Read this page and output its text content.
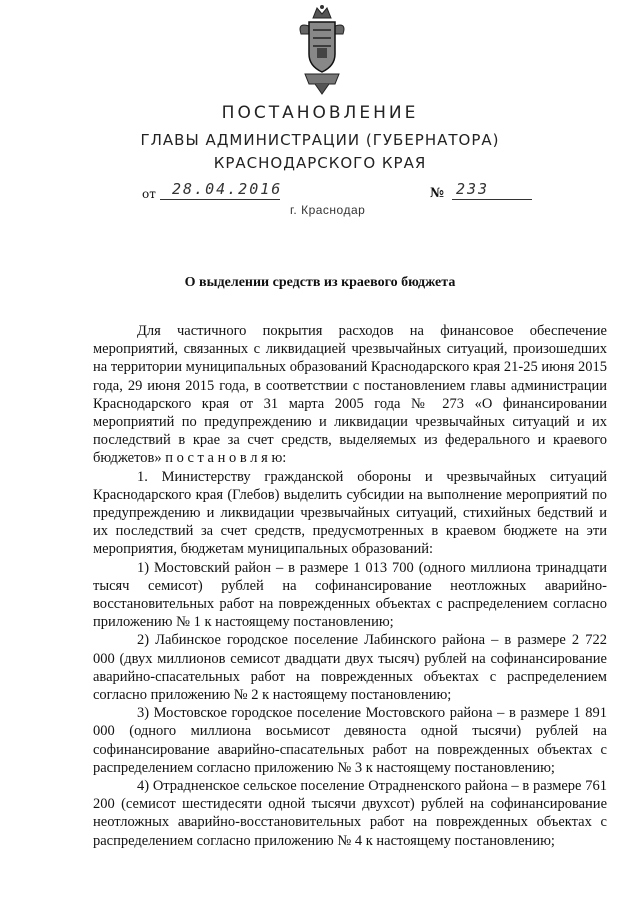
ПОСТАНОВЛЕНИЕ
ГЛАВЫ АДМИНИСТРАЦИИ (ГУБЕРНАТОРА)
КРАСНОДАРСКОГО КРАЯ
от 28.04.2016	№ 233
г. Краснодар
О выделении средств из краевого бюджета

Для частичного покрытия расходов на финансовое обеспечение мероприятий, связанных с ликвидацией чрезвычайных ситуаций, произошедших на территории муниципальных образований Краснодарского края 21-25 июня 2015 года, 29 июня 2015 года, в соответствии с постановлением главы администрации Краснодарского края от 31 марта 2005 года № 273 «О финансировании мероприятий по предупреждению и ликвидации чрезвычайных ситуаций и их последствий в крае за счет средств, выделяемых из федерального и краевого бюджетов» п о с т а н о в л я ю:

1. Министерству гражданской обороны и чрезвычайных ситуаций Краснодарского края (Глебов) выделить субсидии на выполнение мероприятий по предупреждению и ликвидации чрезвычайных ситуаций, стихийных бедствий и их последствий за счет средств, предусмотренных в краевом бюджете на эти мероприятия, бюджетам муниципальных образований:

1) Мостовский район – в размере 1 013 700 (одного миллиона тринадцати тысяч семисот) рублей на софинансирование неотложных аварийно-восстановительных работ на поврежденных объектах с распределением согласно приложению № 1 к настоящему постановлению;

2) Лабинское городское поселение Лабинского района – в размере 2 722 000 (двух миллионов семисот двадцати двух тысяч) рублей на софинансирование аварийно-спасательных работ на поврежденных объектах с распределением согласно приложению № 2 к настоящему постановлению;

3) Мостовское городское поселение Мостовского района – в размере 1 891 000 (одного миллиона восьмисот девяноста одной тысячи) рублей на софинансирование аварийно-спасательных работ на поврежденных объектах с распределением согласно приложению № 3 к настоящему постановлению;

4) Отрадненское сельское поселение Отрадненского района – в размере 761 200 (семисот шестидесяти одной тысячи двухсот) рублей на софинансирование неотложных аварийно-восстановительных работ на поврежденных объектах с распределением согласно приложению № 4 к настоящему постановлению;
